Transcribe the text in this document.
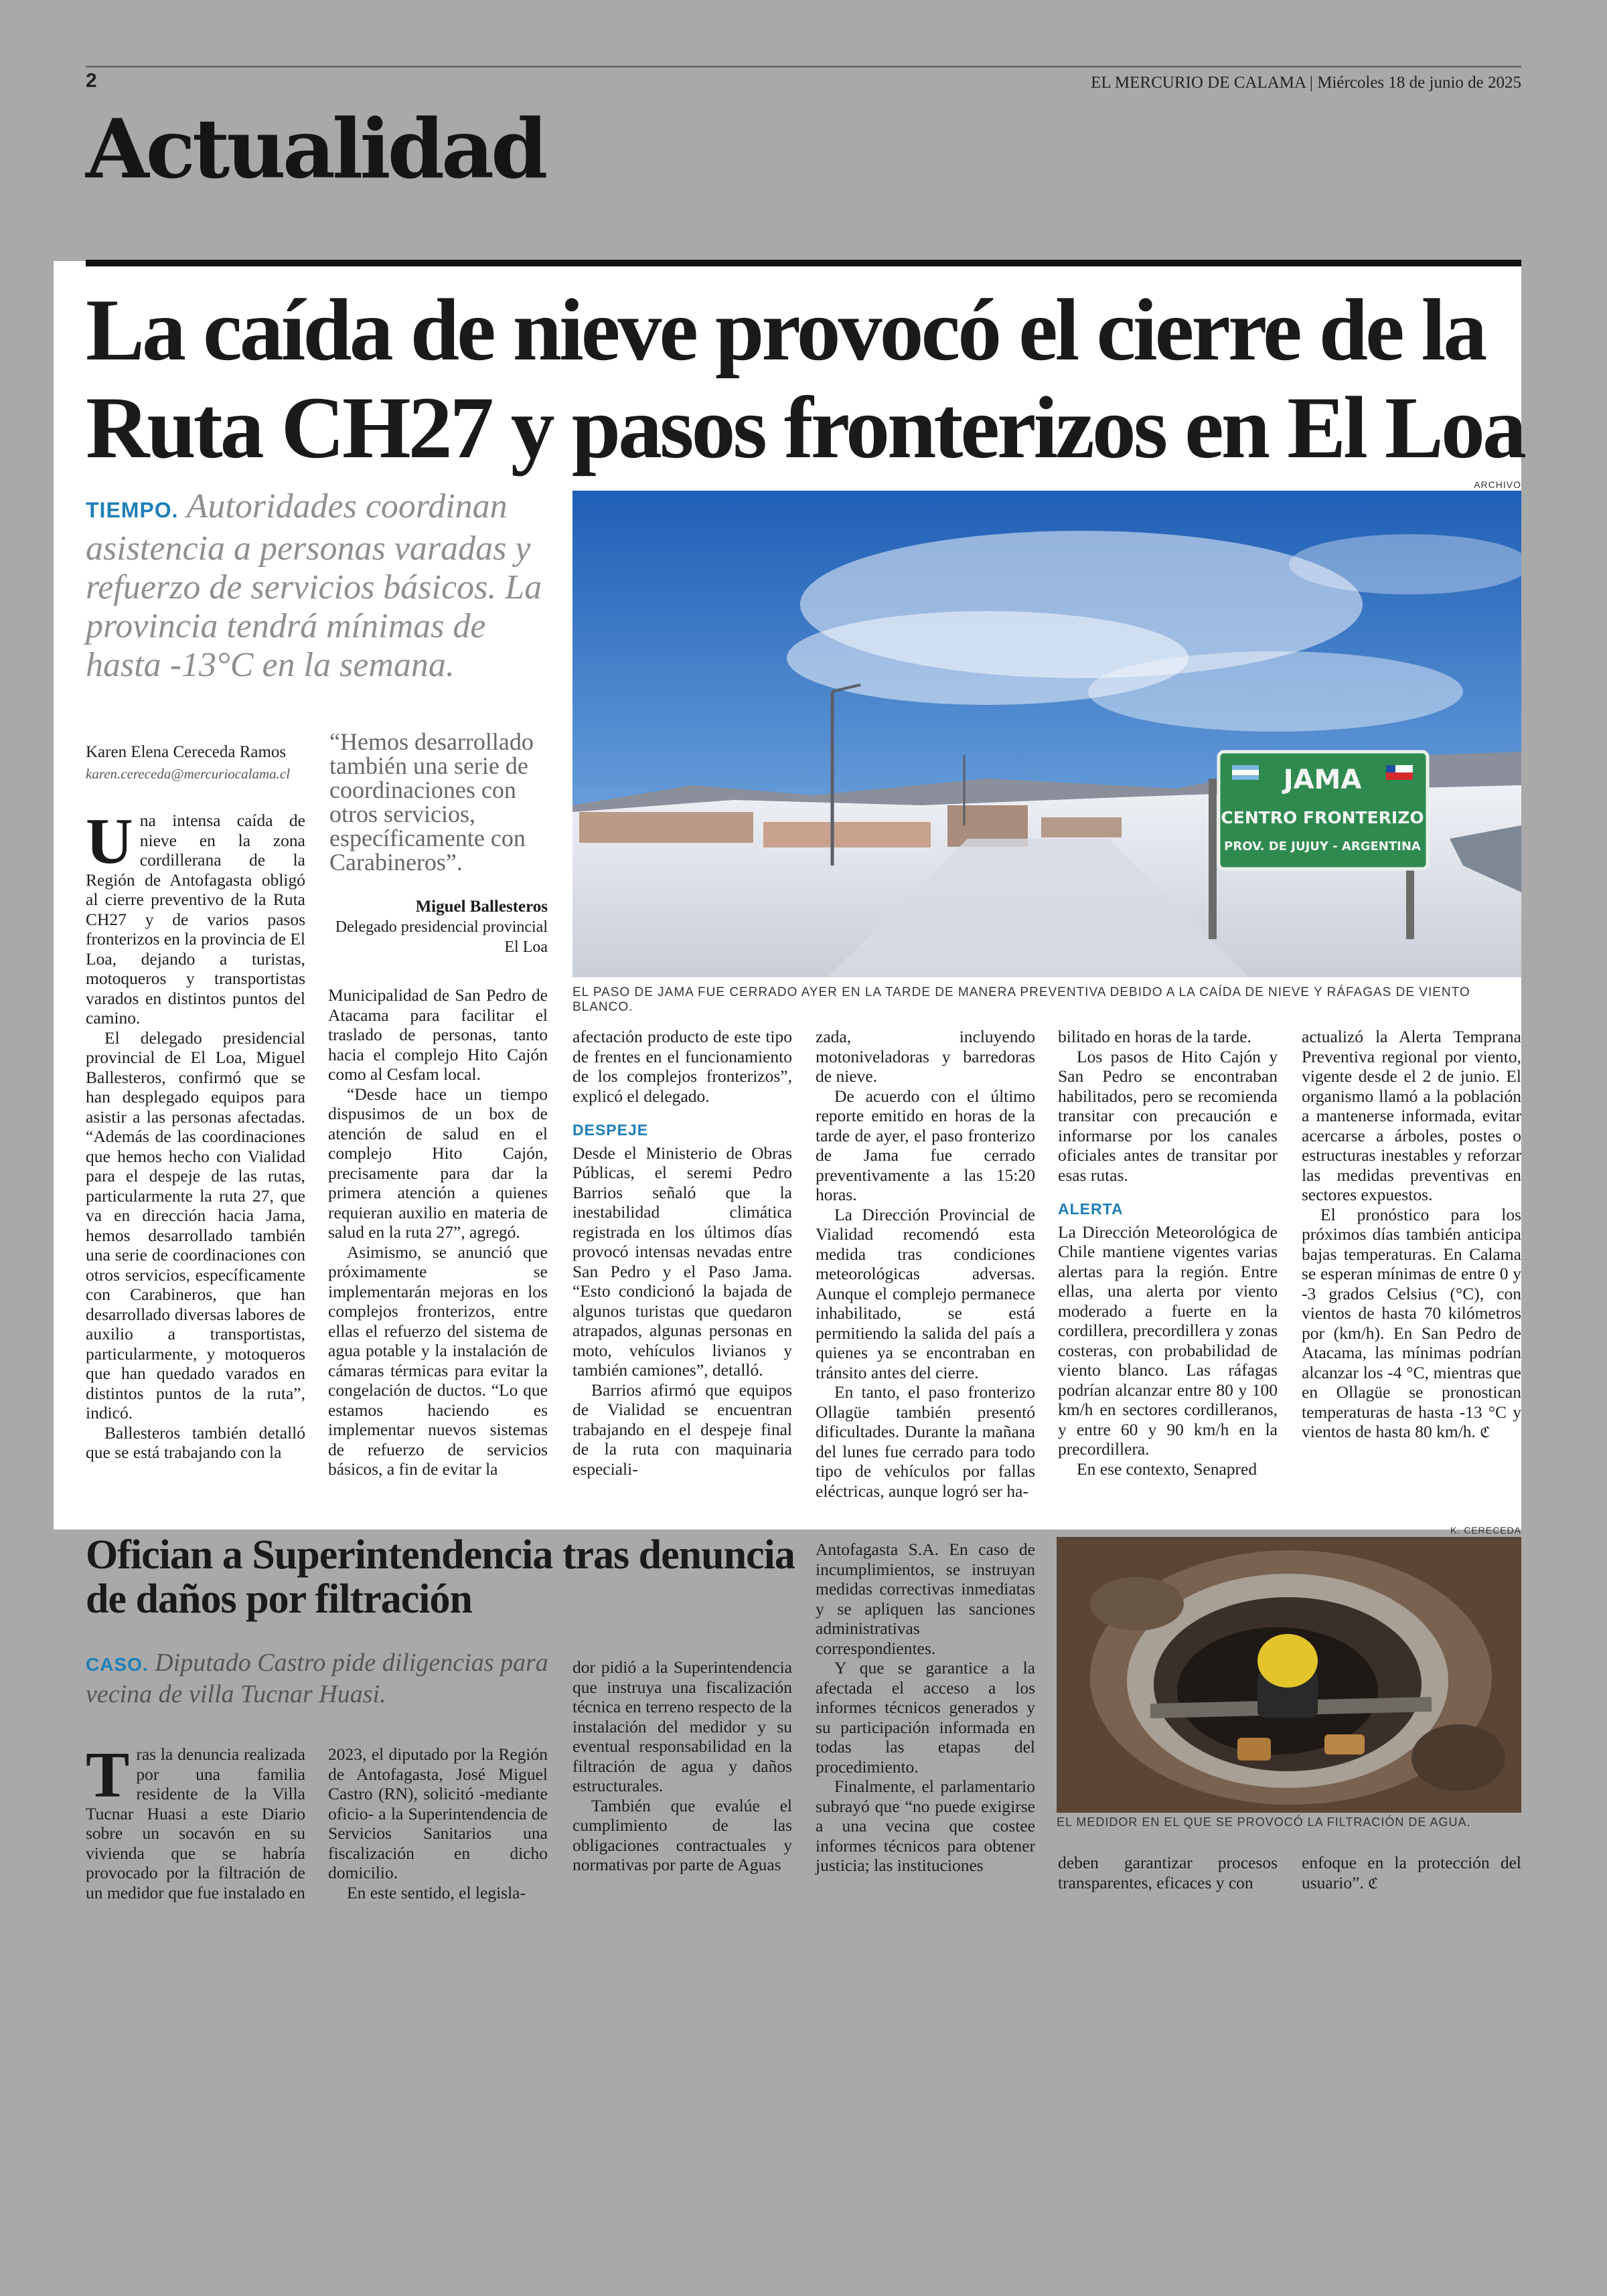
2	EL MERCURIO DE CALAMA | Miércoles 18 de junio de 2025
Actualidad
La caída de nieve provocó el cierre de la Ruta CH27 y pasos fronterizos en El Loa
TIEMPO. Autoridades coordinan asistencia a personas varadas y refuerzo de servicios básicos. La provincia tendrá mínimas de hasta -13°C en la semana.
Karen Elena Cereceda Ramos
karen.cereceda@mercuriocalama.cl
“Hemos desarrollado también una serie de coordinaciones con otros servicios, específicamente con Carabineros”.
Miguel Ballesteros
Delegado presidencial provincial El Loa
ARCHIVO
JAMA
CENTRO FRONTERIZO
PROV. DE JUJUY - ARGENTINA
EL PASO DE JAMA FUE CERRADO AYER EN LA TARDE DE MANERA PREVENTIVA DEBIDO A LA CAÍDA DE NIEVE Y RÁFAGAS DE VIENTO BLANCO.

Una intensa caída de nieve en la zona cordillerana de la Región de Antofagasta obligó al cierre preventivo de la Ruta CH27 y de varios pasos fronterizos en la provincia de El Loa, dejando a turistas, motoqueros y transportistas varados en distintos puntos del camino.

El delegado presidencial provincial de El Loa, Miguel Ballesteros, confirmó que se han desplegado equipos para asistir a las personas afectadas. “Además de las coordinaciones que hemos hecho con Vialidad para el despeje de las rutas, particularmente la ruta 27, que va en dirección hacia Jama, hemos desarrollado también una serie de coordinaciones con otros servicios, específicamente con Carabineros, que han desarrollado diversas labores de auxilio a transportistas, particularmente, y motoqueros que han quedado varados en distintos puntos de la ruta”, indicó.

Ballesteros también detalló que se está trabajando con la

Municipalidad de San Pedro de Atacama para facilitar el traslado de personas, tanto hacia el complejo Hito Cajón como al Cesfam local.

“Desde hace un tiempo dispusimos de un box de atención de salud en el complejo Hito Cajón, precisamente para dar la primera atención a quienes requieran auxilio en materia de salud en la ruta 27”, agregó.

Asimismo, se anunció que próximamente se implementarán mejoras en los complejos fronterizos, entre ellas el refuerzo del sistema de agua potable y la instalación de cámaras térmicas para evitar la congelación de ductos. “Lo que estamos haciendo es implementar nuevos sistemas de refuerzo de servicios básicos, a fin de evitar la

afectación producto de este tipo de frentes en el funcionamiento de los complejos fronterizos”, explicó el delegado.

DESPEJE

Desde el Ministerio de Obras Públicas, el seremi Pedro Barrios señaló que la inestabilidad climática registrada en los últimos días provocó intensas nevadas entre San Pedro y el Paso Jama. “Esto condicionó la bajada de algunos turistas que quedaron atrapados, algunas personas en moto, vehículos livianos y también camiones”, detalló.

Barrios afirmó que equipos de Vialidad se encuentran trabajando en el despeje final de la ruta con maquinaria especiali-

zada, incluyendo motoniveladoras y barredoras de nieve.

De acuerdo con el último reporte emitido en horas de la tarde de ayer, el paso fronterizo de Jama fue cerrado preventivamente a las 15:20 horas.

La Dirección Provincial de Vialidad recomendó esta medida tras condiciones meteorológicas adversas. Aunque el complejo permanece inhabilitado, se está permitiendo la salida del país a quienes ya se encontraban en tránsito antes del cierre.

En tanto, el paso fronterizo Ollagüe también presentó dificultades. Durante la mañana del lunes fue cerrado para todo tipo de vehículos por fallas eléctricas, aunque logró ser ha-

bilitado en horas de la tarde.

Los pasos de Hito Cajón y San Pedro se encontraban habilitados, pero se recomienda transitar con precaución e informarse por los canales oficiales antes de transitar por esas rutas.

ALERTA

La Dirección Meteorológica de Chile mantiene vigentes varias alertas para la región. Entre ellas, una alerta por viento moderado a fuerte en la cordillera, precordillera y zonas costeras, con probabilidad de viento blanco. Las ráfagas podrían alcanzar entre 80 y 100 km/h en sectores cordilleranos, y entre 60 y 90 km/h en la precordillera.

En ese contexto, Senapred

actualizó la Alerta Temprana Preventiva regional por viento, vigente desde el 2 de junio. El organismo llamó a la población a mantenerse informada, evitar acercarse a árboles, postes o estructuras inestables y reforzar las medidas preventivas en sectores expuestos.

El pronóstico para los próximos días también anticipa bajas temperaturas. En Calama se esperan mínimas de entre 0 y -3 grados Celsius (°C), con vientos de hasta 70 kilómetros por (km/h). En San Pedro de Atacama, las mínimas podrían alcanzar los -4 °C, mientras que en Ollagüe se pronostican temperaturas de hasta -13 °C y vientos de hasta 80 km/h. ℭ

Ofician a Superintendencia tras denuncia de daños por filtración
CASO. Diputado Castro pide diligencias para vecina de villa Tucnar Huasi.

Tras la denuncia realizada por una familia residente de la Villa Tucnar Huasi a este Diario sobre un socavón en su vivienda que se habría provocado por la filtración de un medidor que fue instalado en

2023, el diputado por la Región de Antofagasta, José Miguel Castro (RN), solicitó -mediante oficio- a la Superintendencia de Servicios Sanitarios una fiscalización en dicho domicilio.

En este sentido, el legisla-

dor pidió a la Superintendencia que instruya una fiscalización técnica en terreno respecto de la instalación del medidor y su eventual responsabilidad en la filtración de agua y daños estructurales.

También que evalúe el cumplimiento de las obligaciones contractuales y normativas por parte de Aguas

Antofagasta S.A. En caso de incumplimientos, se instruyan medidas correctivas inmediatas y se apliquen las sanciones administrativas correspondientes.

Y que se garantice a la afectada el acceso a los informes técnicos generados y su participación informada en todas las etapas del procedimiento.

Finalmente, el parlamentario subrayó que “no puede exigirse a una vecina que costee informes técnicos para obtener justicia; las instituciones

K. CERECEDA
EL MEDIDOR EN EL QUE SE PROVOCÓ LA FILTRACIÓN DE AGUA.

deben garantizar procesos transparentes, eficaces y con

enfoque en la protección del usuario”. ℭ
